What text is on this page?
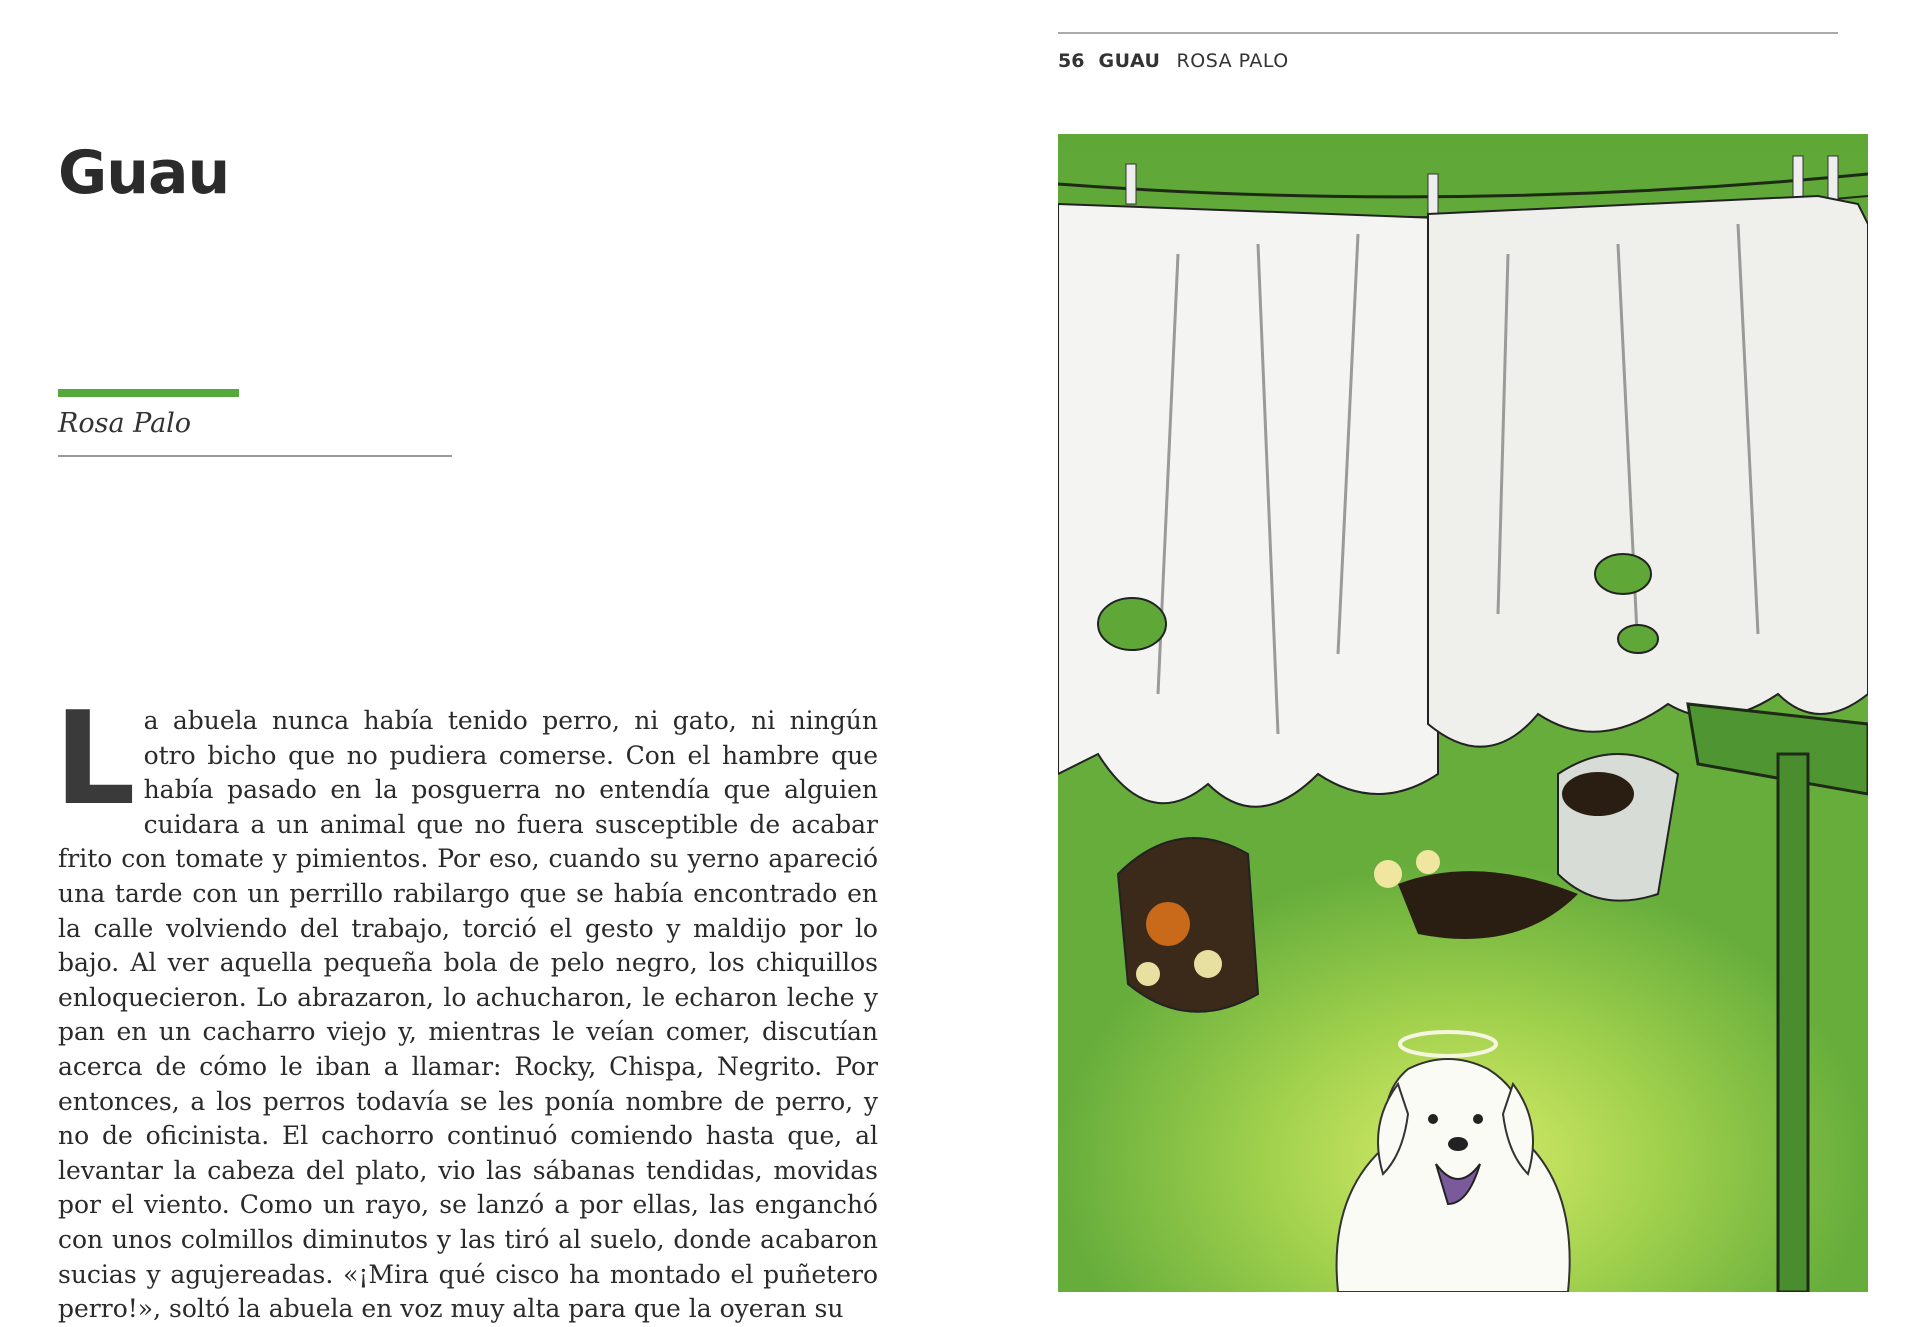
Guau
Rosa Palo

La abuela nunca había tenido perro, ni gato, ni ningún otro bicho que no pudiera comerse. Con el hambre que había pasado en la posguerra no entendía que alguien cuidara a un animal que no fuera susceptible de acabar frito con tomate y pimientos. Por eso, cuando su yerno apareció una tarde con un perrillo rabilargo que se había encontrado en la calle volviendo del trabajo, torció el gesto y maldijo por lo bajo. Al ver aquella pequeña bola de pelo negro, los chiquillos enloquecieron. Lo abrazaron, lo achucharon, le echaron leche y pan en un cacharro viejo y, mientras le veían comer, discutían acerca de cómo le iban a llamar: Rocky, Chispa, Negrito. Por entonces, a los perros todavía se les ponía nombre de perro, y no de oficinista. El cachorro continuó comiendo hasta que, al levantar la cabeza del plato, vio las sábanas tendidas, movidas por el viento. Como un rayo, se lanzó a por ellas, las enganchó con unos colmillos diminutos y las tiró al suelo, donde acabaron sucias y agujereadas. «¡Mira qué cisco ha montado el puñetero perro!», soltó la abuela en voz muy alta para que la oyeran su

56 GUAU ROSA PALO
